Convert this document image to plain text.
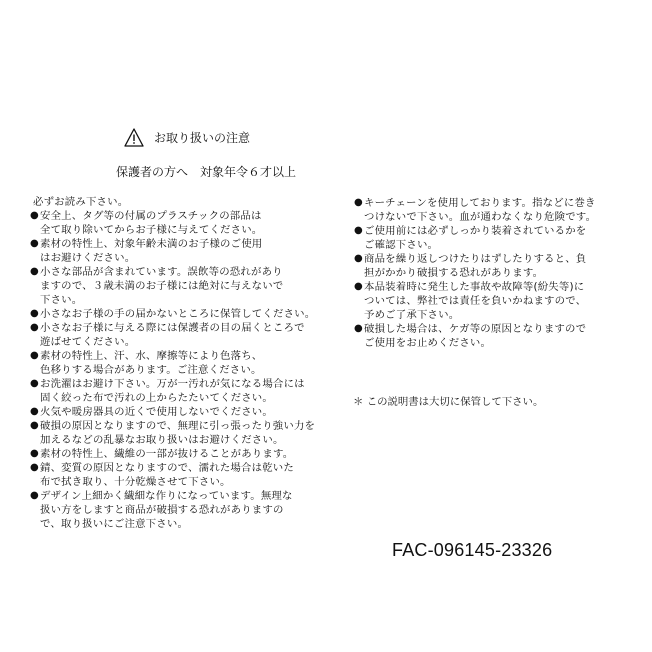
お取り扱いの注意
保護者の方へ　対象年令６才以上
必ずお読み下さい。
● 安全上、タグ等の付属のプラスチックの部品は
全て取り除いてからお子様に与えてください。
● 素材の特性上、対象年齢未満のお子様のご使用
はお避けください。
● 小さな部品が含まれています。誤飲等の恐れがあり
ますので、３歳未満のお子様には絶対に与えないで
下さい。
● 小さなお子様の手の届かないところに保管してください。
● 小さなお子様に与える際には保護者の目の届くところで
遊ばせてください。
● 素材の特性上、汗、水、摩擦等により色落ち、
色移りする場合があります。ご注意ください。
● お洗濯はお避け下さい。万が一汚れが気になる場合には
固く絞った布で汚れの上からたたいてください。
● 火気や暖房器具の近くで使用しないでください。
● 破損の原因となりますので、無理に引っ張ったり強い力を
加えるなどの乱暴なお取り扱いはお避けください。
● 素材の特性上、繊維の一部が抜けることがあります。
● 錆、変質の原因となりますので、濡れた場合は乾いた
布で拭き取り、十分乾燥させて下さい。
● デザイン上細かく繊細な作りになっています。無理な
扱い方をしますと商品が破損する恐れがありますの
で、取り扱いにご注意下さい。
● キーチェーンを使用しております。指などに巻き
つけないで下さい。血が通わなくなり危険です。
● ご使用前には必ずしっかり装着されているかを
ご確認下さい。
● 商品を繰り返しつけたりはずしたりすると、負
担がかかり破損する恐れがあります。
● 本品装着時に発生した事故や故障等(紛失等)に
ついては、弊社では責任を負いかねますので、
予めご了承下さい。
● 破損した場合は、ケガ等の原因となりますので
ご使用をお止めください。
＊ この説明書は大切に保管して下さい。
FAC-096145-23326
